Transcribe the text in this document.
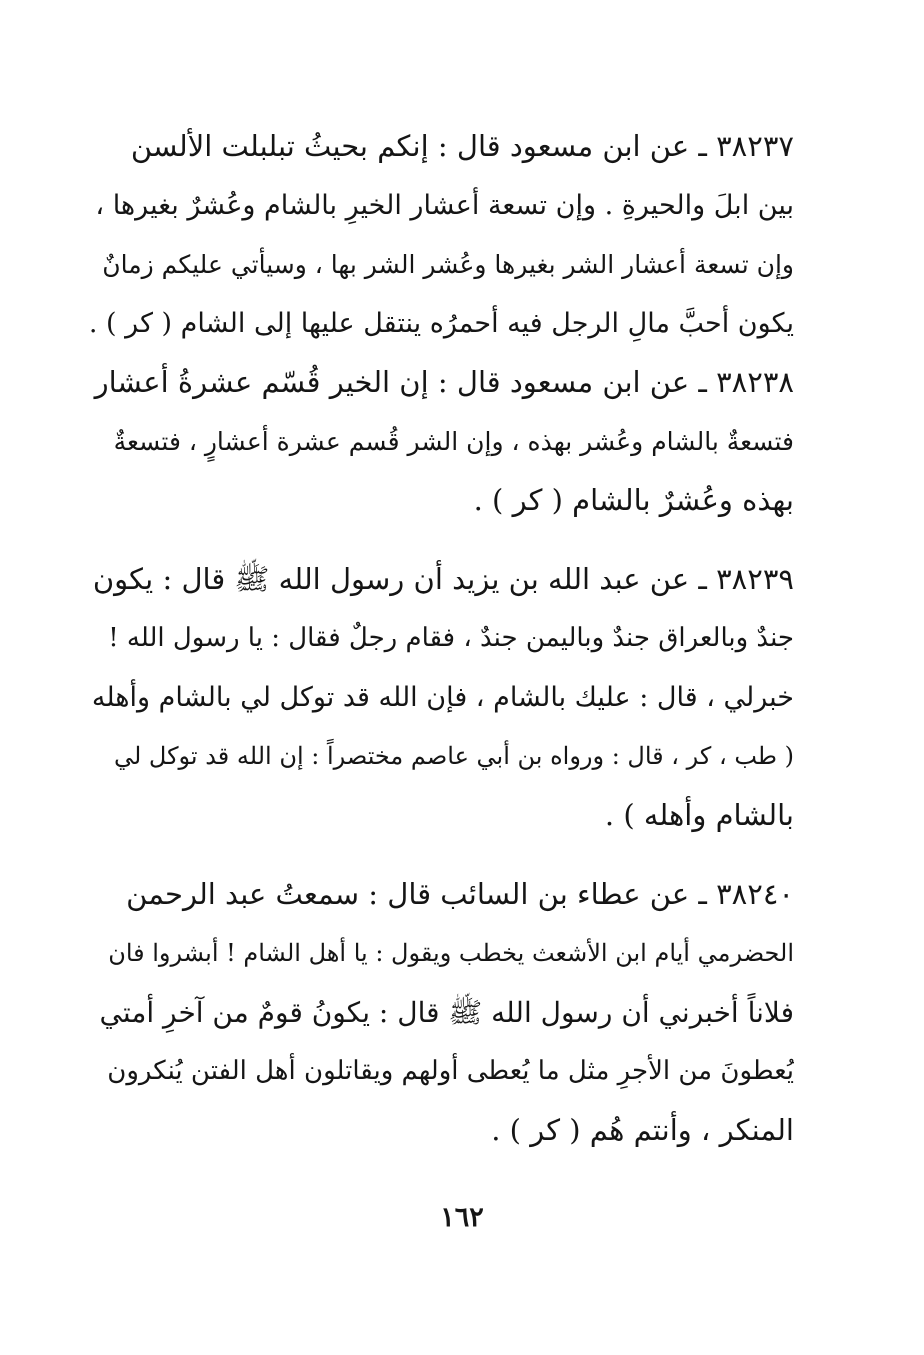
٣٨٢٣٧ ـ عن ابن مسعود قال : إنكم بحيثُ تبلبلت الألسن
بين ابلَ والحيرةِ . وإن تسعة أعشار الخيرِ بالشام وعُشرٌ بغيرها ،
وإن تسعة أعشار الشر بغيرها وعُشر الشر بها ، وسيأتي عليكم زمانٌ
يكون أحبَّ مالِ الرجل فيه أحمرُه ينتقل عليها إلى الشام ( كر ) .
٣٨٢٣٨ ـ عن ابن مسعود قال : إن الخير قُسّم عشرةُ أعشار
فتسعةٌ بالشام وعُشر بهذه ، وإن الشر قُسم عشرة أعشارٍ ، فتسعةٌ
بهذه وعُشرٌ بالشام ( كر ) .
٣٨٢٣٩ ـ عن عبد الله بن يزيد أن رسول الله ﷺ قال : يكون
جندٌ وبالعراق جندٌ وباليمن جندٌ ، فقام رجلٌ فقال : يا رسول الله !
خبرلي ، قال : عليك بالشام ، فإن الله قد توكل لي بالشام وأهله
( طب ، كر ، قال : ورواه بن أبي عاصم مختصراً : إن الله قد توكل لي
بالشام وأهله ) .
٣٨٢٤٠ ـ عن عطاء بن السائب قال : سمعتُ عبد الرحمن
الحضرمي أيام ابن الأشعث يخطب ويقول : يا أهل الشام ! أبشروا فان
فلاناً أخبرني أن رسول الله ﷺ قال : يكونُ قومٌ من آخرِ أمتي
يُعطونَ من الأجرِ مثل ما يُعطى أولهم ويقاتلون أهل الفتن يُنكرون
المنكر ، وأنتم هُم ( كر ) .
١٦٢
